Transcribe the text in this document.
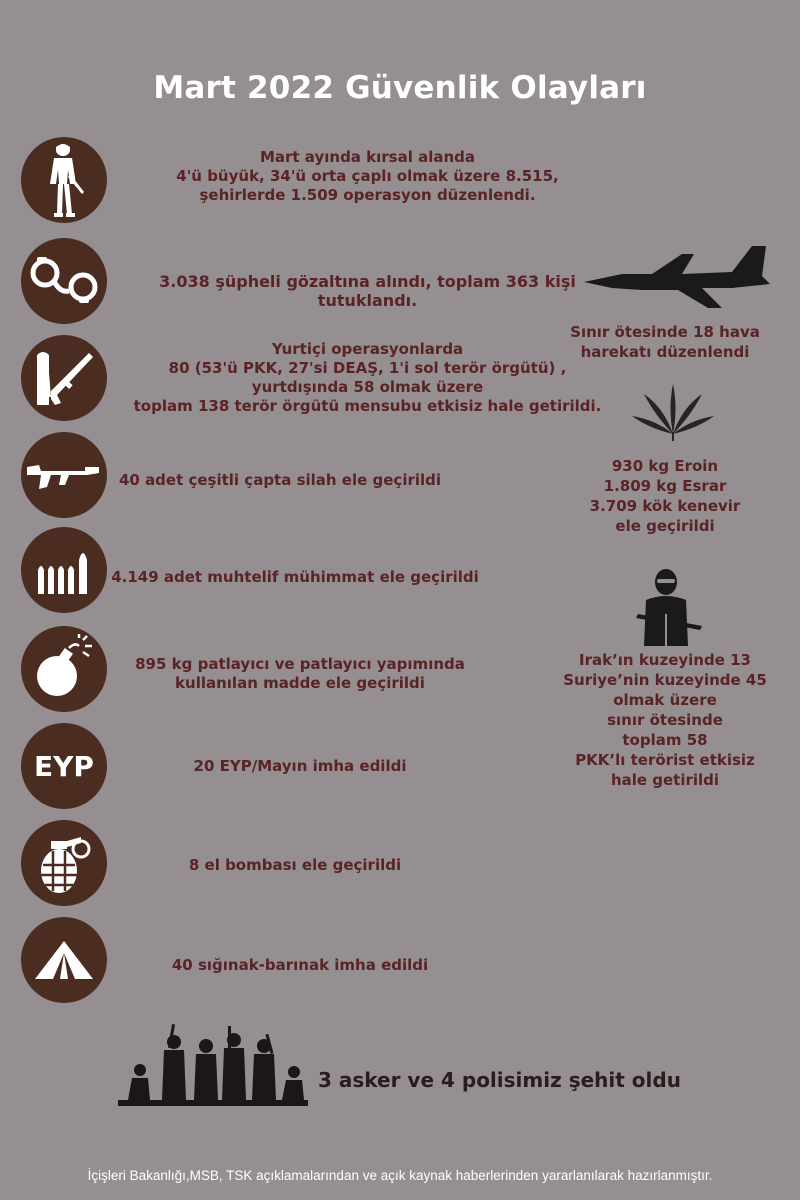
Mart 2022 Güvenlik Olayları
EYP
Mart ayında kırsal alanda
4'ü büyük, 34'ü orta çaplı olmak üzere 8.515,
şehirlerde 1.509 operasyon düzenlendi.
3.038 şüpheli gözaltına alındı, toplam 363 kişi tutuklandı.
Yurtiçi operasyonlarda
80 (53'ü PKK, 27'si DEAŞ, 1'i sol terör örgütü) ,
yurtdışında 58 olmak üzere
toplam 138 terör örgütü mensubu etkisiz hale getirildi.
40 adet çeşitli çapta silah ele geçirildi
4.149 adet muhtelif mühimmat ele geçirildi
895 kg patlayıcı ve patlayıcı yapımında
kullanılan madde ele geçirildi
20 EYP/Mayın imha edildi
8 el bombası ele geçirildi
40 sığınak-barınak imha edildi
Sınır ötesinde 18 hava
harekatı düzenlendi
930 kg Eroin
1.809 kg Esrar
3.709 kök kenevir
ele geçirildi
Irak’ın kuzeyinde 13
Suriye’nin kuzeyinde 45
olmak üzere
sınır ötesinde
toplam 58
PKK’lı terörist etkisiz
hale getirildi
3 asker ve 4 polisimiz şehit oldu
İçişleri Bakanlığı,MSB, TSK açıklamalarından ve açık kaynak haberlerinden yararlanılarak hazırlanmıştır.
